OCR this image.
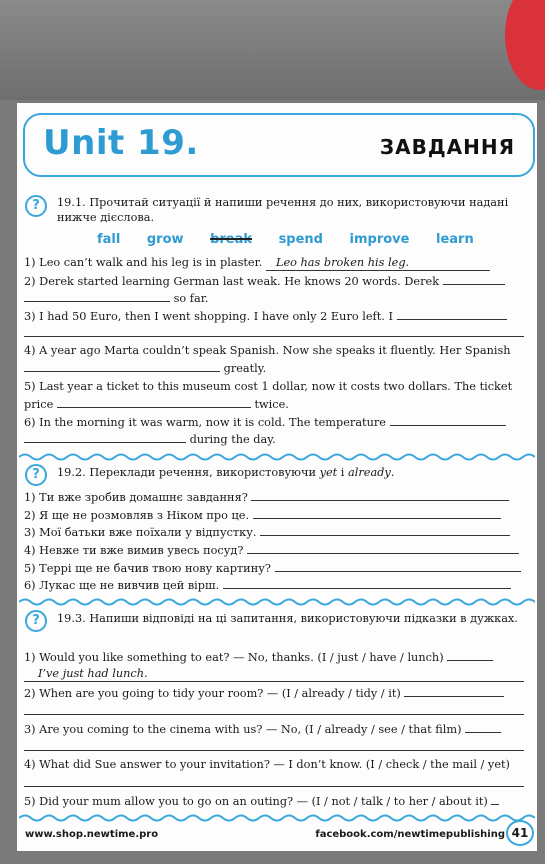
Unit 19.	ЗАВДАННЯ
?	19.1. Прочитай ситуації й напиши речення до них, використовуючи надані нижче дієслова.
fall grow break spend improve learn
1) Leo can’t walk and his leg is in plaster. Leo has broken his leg.
2) Derek started learning German last weak. He knows 20 words. Derek
so far.
3) I had 50 Euro, then I went shopping. I have only 2 Euro left. I
4) A year ago Marta couldn’t speak Spanish. Now she speaks it fluently. Her Spanish
greatly.
5) Last year a ticket to this museum cost 1 dollar, now it costs two dollars. The ticket
price	twice.
6) In the morning it was warm, now it is cold. The temperature
during the day.
?	19.2. Переклади речення, використовуючи yet і already.
1) Ти вже зробив домашнє завдання?
2) Я ще не розмовляв з Ніком про це.
3) Мої батьки вже поїхали у відпустку.
4) Невже ти вже вимив увесь посуд?
5) Террі ще не бачив твою нову картину?
6) Лукас ще не вивчив цей вірш.
?	19.3. Напиши відповіді на ці запитання, використовуючи підказки в дужках.
1) Would you like something to eat? — No, thanks. (I / just / have / lunch)
I’ve just had lunch.
2) When are you going to tidy your room? — (I / already / tidy / it)
3) Are you coming to the cinema with us? — No, (I / already / see / that film)
4) What did Sue answer to your invitation? — I don’t know. (I / check / the mail / yet)
5) Did your mum allow you to go on an outing? — (I / not / talk / to her / about it)
www.shop.newtime.pro	facebook.com/newtimepublishing 41
